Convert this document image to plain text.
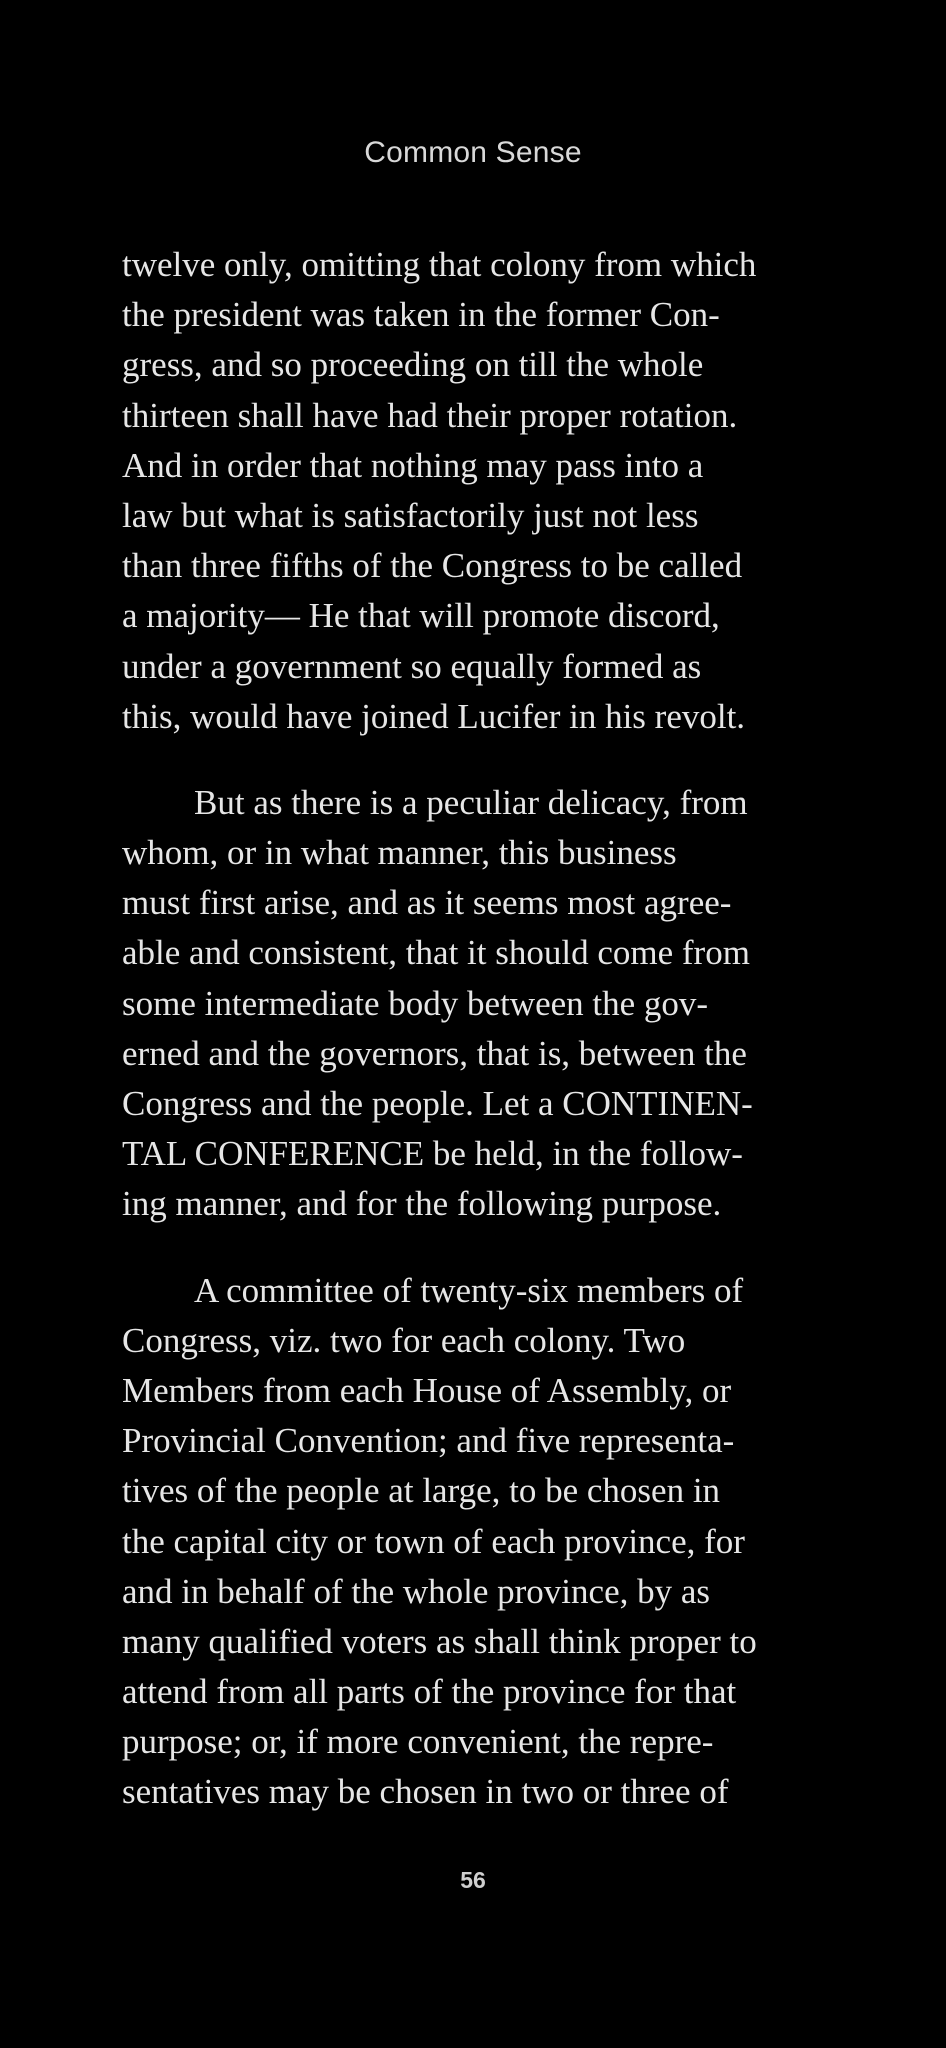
Common Sense
twelve only, omitting that colony from which
the president was taken in the former Con-
gress, and so proceeding on till the whole
thirteen shall have had their proper rotation.
And in order that nothing may pass into a
law but what is satisfactorily just not less
than three fifths of the Congress to be called
a majority— He that will promote discord,
under a government so equally formed as
this, would have joined Lucifer in his revolt.
But as there is a peculiar delicacy, from
whom, or in what manner, this business
must first arise, and as it seems most agree-
able and consistent, that it should come from
some intermediate body between the gov-
erned and the governors, that is, between the
Congress and the people. Let a CONTINEN-
TAL CONFERENCE be held, in the follow-
ing manner, and for the following purpose.
A committee of twenty-six members of
Congress, viz. two for each colony. Two
Members from each House of Assembly, or
Provincial Convention; and five representa-
tives of the people at large, to be chosen in
the capital city or town of each province, for
and in behalf of the whole province, by as
many qualified voters as shall think proper to
attend from all parts of the province for that
purpose; or, if more convenient, the repre-
sentatives may be chosen in two or three of
56
